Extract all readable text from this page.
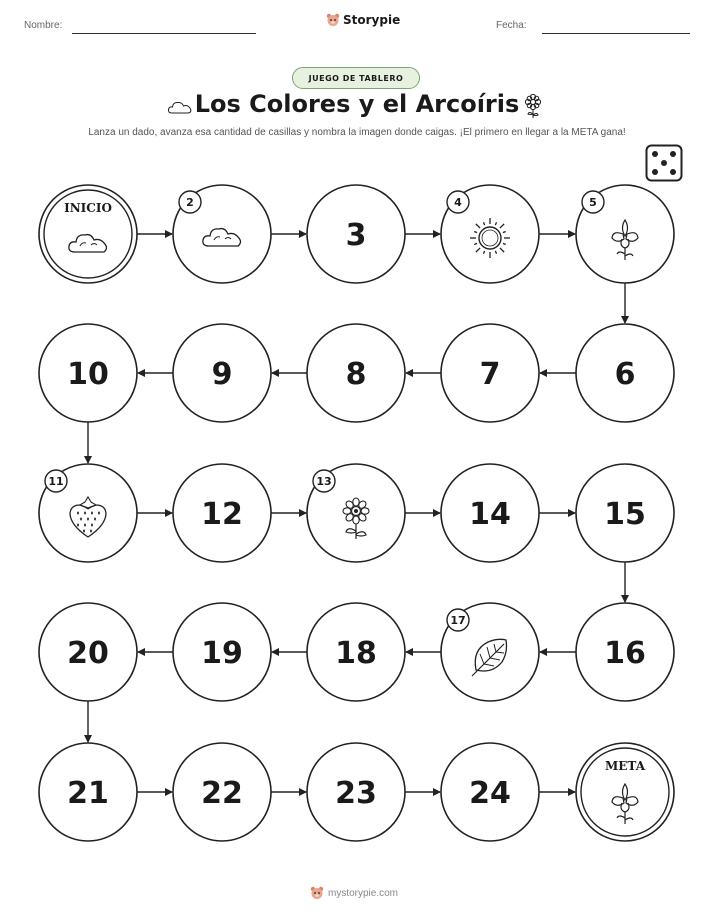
Nombre:	Storypie	Fecha:
JUEGO DE TABLERO
Los Colores y el Arcoíris
Lanza un dado, avanza esa cantidad de casillas y nombra la imagen donde caigas. ¡El primero en llegar a la META gana!
INICIO	2
3
4	5
6
7
8
9
10
11
12
13
14	15
16
17
18
19
20
21	22	23	24
META
mystorypie.com
